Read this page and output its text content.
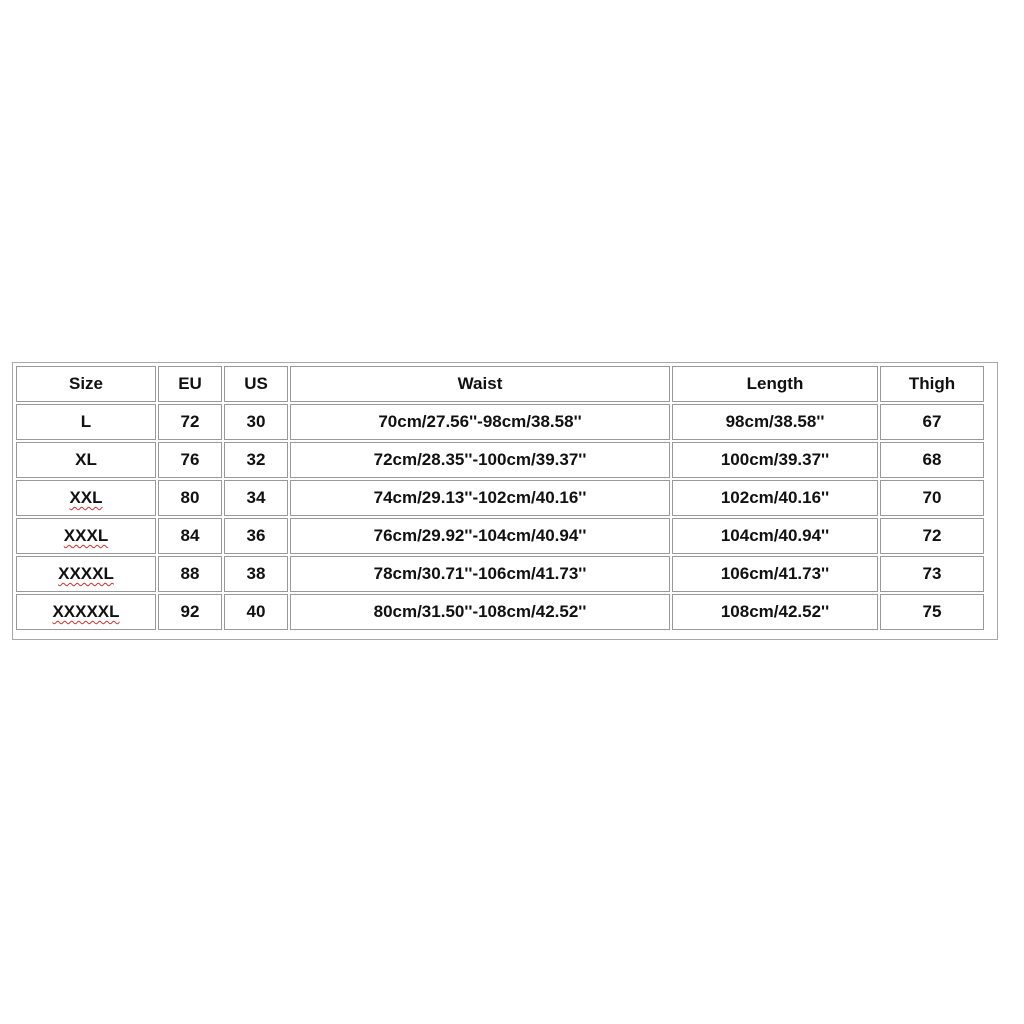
Size	EU	US	Waist	Length	Thigh
L	72	30	70cm/27.56''-98cm/38.58''	98cm/38.58''	67
XL	76	32	72cm/28.35''-100cm/39.37''	100cm/39.37''	68
XXL	80	34	74cm/29.13''-102cm/40.16''	102cm/40.16''	70
XXXL	84	36	76cm/29.92''-104cm/40.94''	104cm/40.94''	72
XXXXL	88	38	78cm/30.71''-106cm/41.73''	106cm/41.73''	73
XXXXXL	92	40	80cm/31.50''-108cm/42.52''	108cm/42.52''	75
